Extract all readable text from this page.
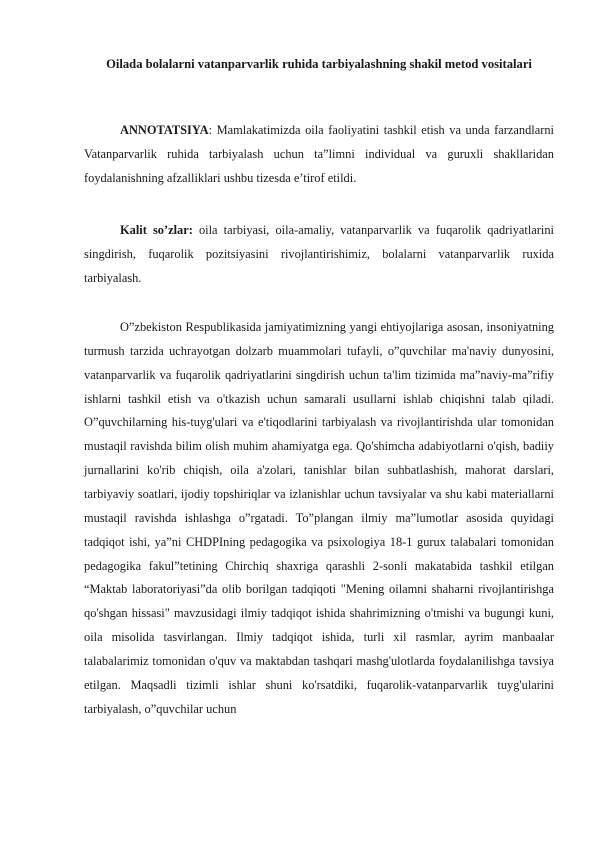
Oilada bolalarni vatanparvarlik ruhida tarbiyalashning shakil metod vositalari

ANNOTATSIYA: Mamlakatimizda oila faoliyatini tashkil etish va unda farzandlarni Vatanparvarlik ruhida tarbiyalash uchun ta”limni individual va guruxli shakllaridan foydalanishning afzalliklari ushbu tizesda e’tirof etildi.

Kalit so’zlar: oila tarbiyasi, oila-amaliy, vatanparvarlik va fuqarolik qadriyatlarini singdirish, fuqarolik pozitsiyasini rivojlantirishimiz, bolalarni vatanparvarlik ruxida tarbiyalash.

O”zbekiston Respublikasida jamiyatimizning yangi ehtiyojlariga asosan, insoniyatning turmush tarzida uchrayotgan dolzarb muammolari tufayli, o”quvchilar ma'naviy dunyosini, vatanparvarlik va fuqarolik qadriyatlarini singdirish uchun ta'lim tizimida ma”naviy-ma”rifiy ishlarni tashkil etish va o'tkazish uchun samarali usullarni ishlab chiqishni talab qiladi. O”quvchilarning his-tuyg'ulari va e'tiqodlarini tarbiyalash va rivojlantirishda ular tomonidan mustaqil ravishda bilim olish muhim ahamiyatga ega. Qo'shimcha adabiyotlarni o'qish, badiiy jurnallarini ko'rib chiqish, oila a'zolari, tanishlar bilan suhbatlashish, mahorat darslari, tarbiyaviy soatlari, ijodiy topshiriqlar va izlanishlar uchun tavsiyalar va shu kabi materiallarni mustaqil ravishda ishlashga o”rgatadi. To”plangan ilmiy ma”lumotlar asosida quyidagi tadqiqot ishi, ya”ni CHDPIning pedagogika va psixologiya 18-1 gurux talabalari tomonidan pedagogika fakul”tetining Chirchiq shaxriga qarashli 2-sonli makatabida tashkil etilgan “Maktab laboratoriyasi”da olib borilgan tadqiqoti "Mening oilamni shaharni rivojlantirishga qo'shgan hissasi" mavzusidagi ilmiy tadqiqot ishida shahrimizning o'tmishi va bugungi kuni, oila misolida tasvirlangan. Ilmiy tadqiqot ishida, turli xil rasmlar, ayrim manbaalar talabalarimiz tomonidan o'quv va maktabdan tashqari mashg'ulotlarda foydalanilishga tavsiya etilgan. Maqsadli tizimli ishlar shuni ko'rsatdiki, fuqarolik-vatanparvarlik tuyg'ularini tarbiyalash, o”quvchilar uchun
